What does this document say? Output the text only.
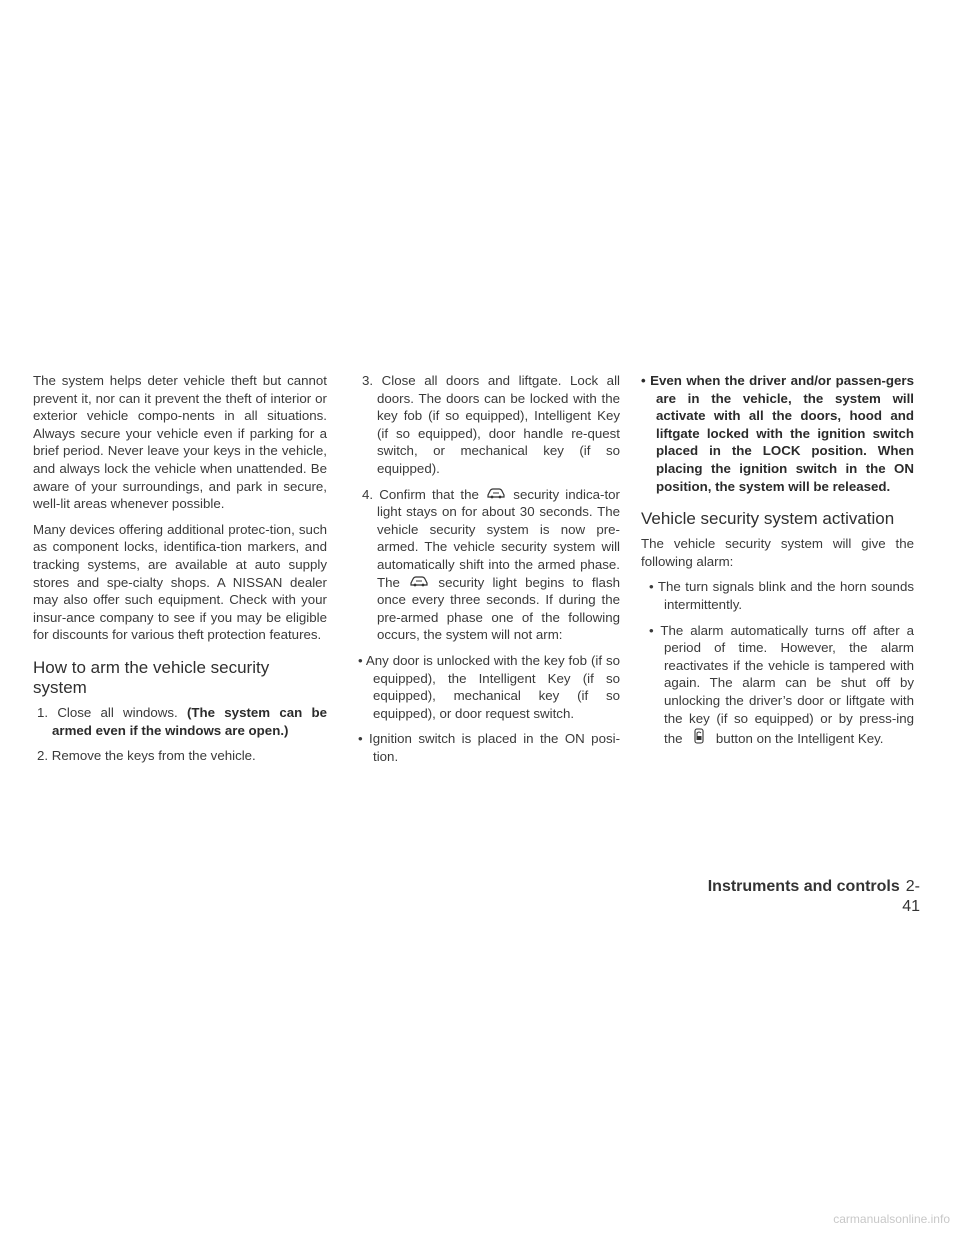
The system helps deter vehicle theft but cannot prevent it, nor can it prevent the theft of interior or exterior vehicle compo-nents in all situations. Always secure your vehicle even if parking for a brief period. Never leave your keys in the vehicle, and always lock the vehicle when unattended. Be aware of your surroundings, and park in secure, well-lit areas whenever possible.

Many devices offering additional protec-tion, such as component locks, identifica-tion markers, and tracking systems, are available at auto supply stores and spe-cialty shops. A NISSAN dealer may also offer such equipment. Check with your insur-ance company to see if you may be eligible for discounts for various theft protection features.

How to arm the vehicle security system

1. Close all windows. (The system can be armed even if the windows are open.)

2. Remove the keys from the vehicle.

3. Close all doors and liftgate. Lock all doors. The doors can be locked with the key fob (if so equipped), Intelligent Key (if so equipped), door handle re-quest switch, or mechanical key (if so equipped).

4. Confirm that the	security indica-tor light stays on for about 30 seconds. The vehicle security system is now pre-armed. The vehicle security system will automatically shift into the armed phase. The	security light begins to flash once every three seconds. If during the pre-armed phase one of the following occurs, the system will not arm:

• Any door is unlocked with the key fob (if so equipped), the Intelligent Key (if so equipped), mechanical key (if so equipped), or door request switch.

• Ignition switch is placed in the ON posi-tion.

• Even when the driver and/or passen-gers are in the vehicle, the system will activate with all the doors, hood and liftgate locked with the ignition switch placed in the LOCK position. When placing the ignition switch in the ON position, the system will be released.

Vehicle security system activation

The vehicle security system will give the following alarm:

• The turn signals blink and the horn sounds intermittently.

• The alarm automatically turns off after a period of time. However, the alarm reactivates if the vehicle is tampered with again. The alarm can be shut off by unlocking the driver’s door or liftgate with the key (if so equipped) or by press-ing the	button on the Intelligent Key.

Instruments and controls 2-41
carmanualsonline.info
